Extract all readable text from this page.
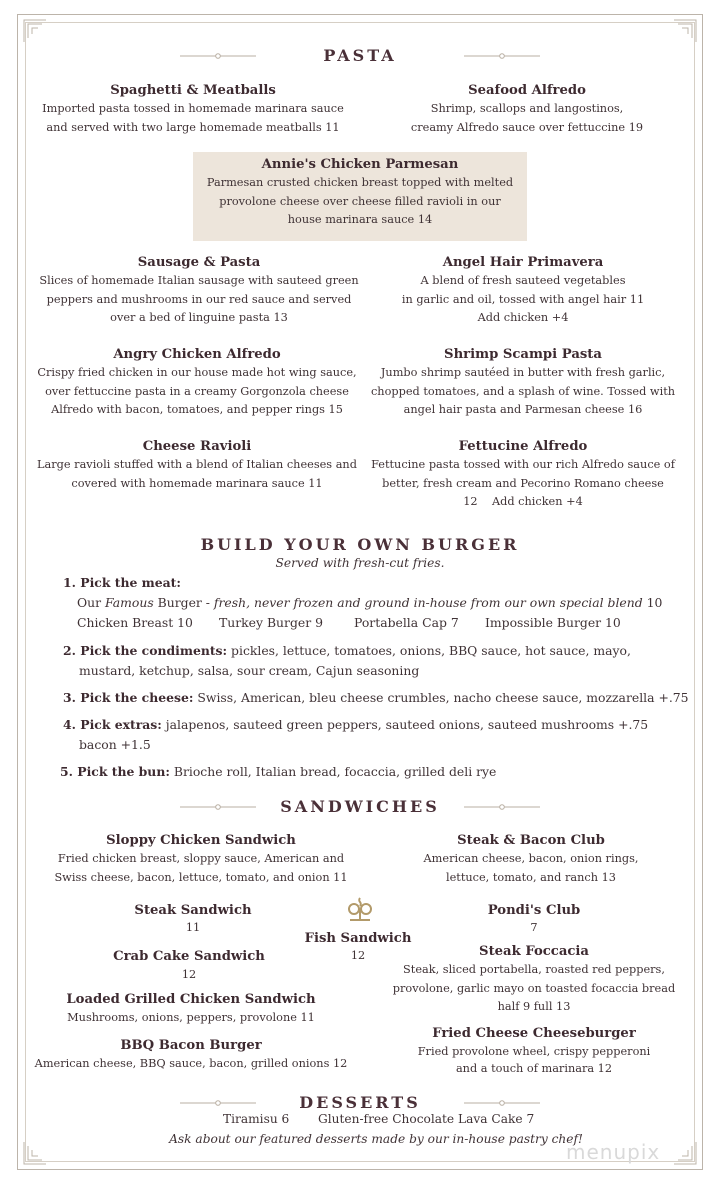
PASTA
Spaghetti & Meatballs
Imported pasta tossed in homemade marinara sauce
and served with two large homemade meatballs 11
Seafood Alfredo
Shrimp, scallops and langostinos,
creamy Alfredo sauce over fettuccine 19
Annie's Chicken Parmesan
Parmesan crusted chicken breast topped with melted
provolone cheese over cheese filled ravioli in our
house marinara sauce 14
Sausage & Pasta
Slices of homemade Italian sausage with sauteed green
peppers and mushrooms in our red sauce and served
over a bed of linguine pasta 13
Angel Hair Primavera
A blend of fresh sauteed vegetables
in garlic and oil, tossed with angel hair 11
Add chicken +4
Angry Chicken Alfredo
Crispy fried chicken in our house made hot wing sauce,
over fettuccine pasta in a creamy Gorgonzola cheese
Alfredo with bacon, tomatoes, and pepper rings 15
Shrimp Scampi Pasta
Jumbo shrimp sautéed in butter with fresh garlic,
chopped tomatoes, and a splash of wine. Tossed with
angel hair pasta and Parmesan cheese 16
Cheese Ravioli
Large ravioli stuffed with a blend of Italian cheeses and
covered with homemade marinara sauce 11
Fettucine Alfredo
Fettucine pasta tossed with our rich Alfredo sauce of
better, fresh cream and Pecorino Romano cheese
12    Add chicken +4
BUILD YOUR OWN BURGER
Served with fresh-cut fries.
1. Pick the meat:
Our Famous Burger - fresh, never frozen and ground in-house from our own special blend 10
Chicken Breast 10 Turkey Burger 9	Portabella Cap 7 Impossible Burger 10
2. Pick the condiments: pickles, lettuce, tomatoes, onions, BBQ sauce, hot sauce, mayo,
mustard, ketchup, salsa, sour cream, Cajun seasoning
3. Pick the cheese: Swiss, American, bleu cheese crumbles, nacho cheese sauce, mozzarella +.75
4. Pick extras: jalapenos, sauteed green peppers, sauteed onions, sauteed mushrooms +.75
bacon +1.5
5. Pick the bun: Brioche roll, Italian bread, focaccia, grilled deli rye
SANDWICHES
Sloppy Chicken Sandwich
Fried chicken breast, sloppy sauce, American and
Swiss cheese, bacon, lettuce, tomato, and onion 11
Steak & Bacon Club
American cheese, bacon, onion rings,
lettuce, tomato, and ranch 13
Steak Sandwich
11
Pondi's Club
7
Fish Sandwich
12
Crab Cake Sandwich
12
Steak Foccacia
Steak, sliced portabella, roasted red peppers,
provolone, garlic mayo on toasted focaccia bread
half 9 full 13
Loaded Grilled Chicken Sandwich
Mushrooms, onions, peppers, provolone 11
Fried Cheese Cheeseburger
Fried provolone wheel, crispy pepperoni
and a touch of marinara 12
BBQ Bacon Burger
American cheese, BBQ sauce, bacon, grilled onions 12
DESSERTS
Tiramisu 6 Gluten-free Chocolate Lava Cake 7
Ask about our featured desserts made by our in-house pastry chef!
menupix
